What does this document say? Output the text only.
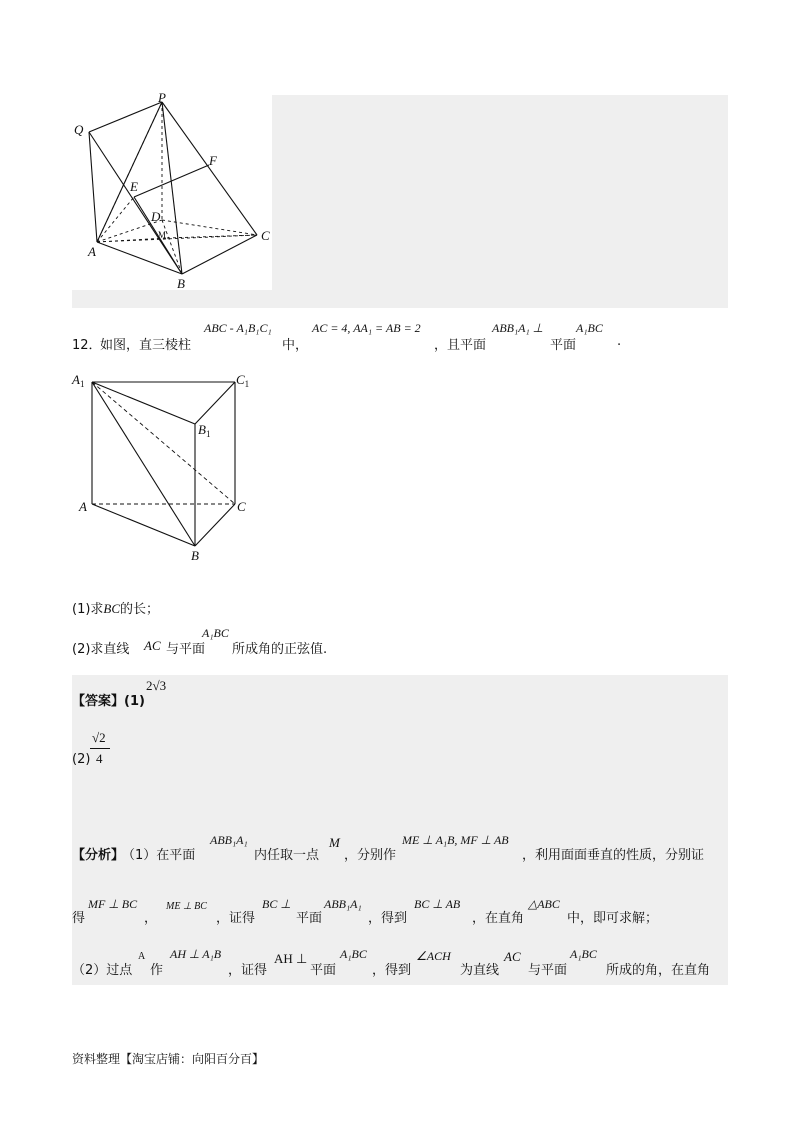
P
Q
F
E
D
M
A
B
C
12．
如图，直三棱柱
ABC - A₁B₁C₁
中，
AC = 4, AA₁ = AB = 2
，且平面
ABB₁A₁ ⊥
平面
A₁BC
.
$A_1$	$C_1$
$B_1$
A	C
B
(1)求BC的长；
(2)求直线 AC 与平面
A₁BC
所成角的正弦值.
【答案】(1)
2√3
(2)
√2
4
【分析】
（1）在平面
ABB₁A₁
内任取一点
M
，分别作
ME ⊥ A₁B, MF ⊥ AB
，利用面面垂直的性质，分别证
得
MF ⊥ BC
，
ME ⊥ BC
，证得
BC ⊥
平面
ABB₁A₁
，得到
BC ⊥ AB
，在直角
△ABC
中，即可求解；
（2）过点
A
作
AH ⊥ A₁B
，证得
AH ⊥
平面
A₁BC
，得到
∠ACH
为直线
AC
与平面
A₁BC
所成的角，在直角
资料整理【淘宝店铺：向阳百分百】
